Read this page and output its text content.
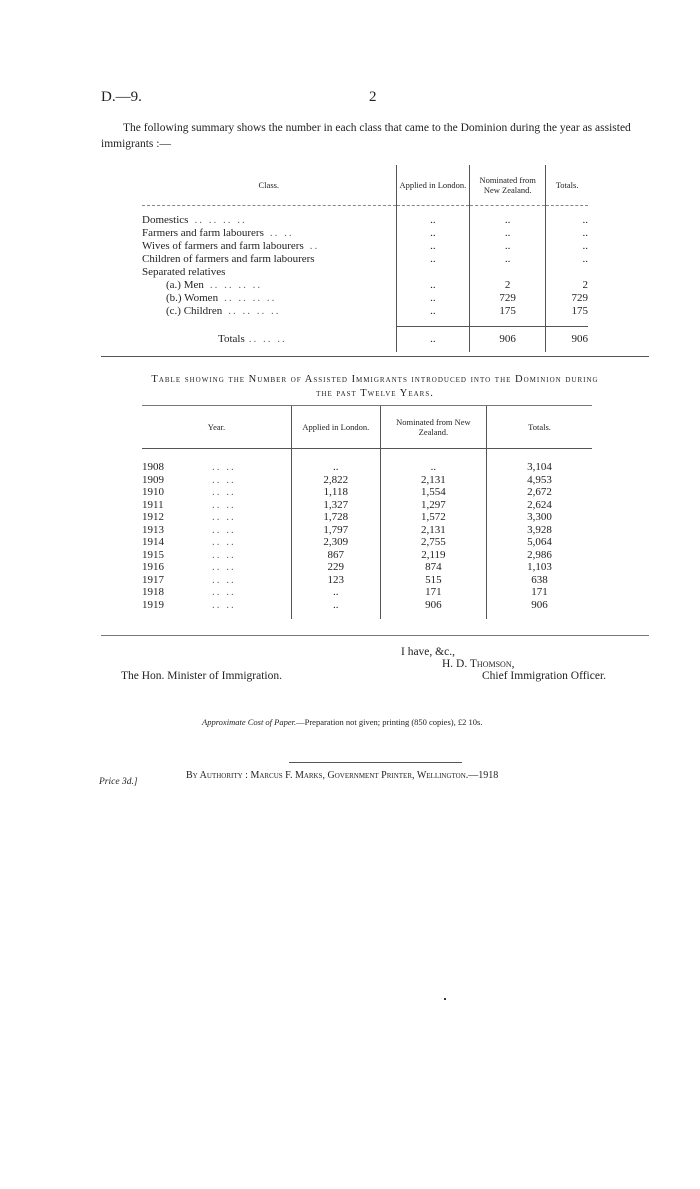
D.—9.	2
The following summary shows the number in each class that came to the Dominion during the year as assisted immigrants :—
Class.	Applied in London.	Nominated from New Zealand.	Totals.

Domestics .. .. .. ..	..	..	..
Farmers and farm labourers .. ..	..	..	..
Wives of farmers and farm labourers ..	..	..	..
Children of farmers and farm labourers	..	..	..
Separated relatives			
(a.) Men .. .. .. ..	..	2	2
(b.) Women .. .. .. ..	..	729	729
(c.) Children .. .. .. ..	..	175	175

Totals .. .. ..	..	906	906
Table showing the Number of Assisted Immigrants introduced into the Dominion during
the past Twelve Years.
Year.	Applied in London.	Nominated from New Zealand.	Totals.

1908 .. ..	..	..	3,104
1909 .. ..	2,822	2,131	4,953
1910 .. ..	1,118	1,554	2,672
1911 .. ..	1,327	1,297	2,624
1912 .. ..	1,728	1,572	3,300
1913 .. ..	1,797	2,131	3,928
1914 .. ..	2,309	2,755	5,064
1915 .. ..	867	2,119	2,986
1916 .. ..	229	874	1,103
1917 .. ..	123	515	638
1918 .. ..	..	171	171
1919 .. ..	..	906	906
I have, &c.,
H. D. Thomson,
Chief Immigration Officer.
The Hon. Minister of Immigration.
Approximate Cost of Paper.—Preparation not given; printing (850 copies), £2 10s.
Price 3d.]
By Authority : Marcus F. Marks, Government Printer, Wellington.—1918
